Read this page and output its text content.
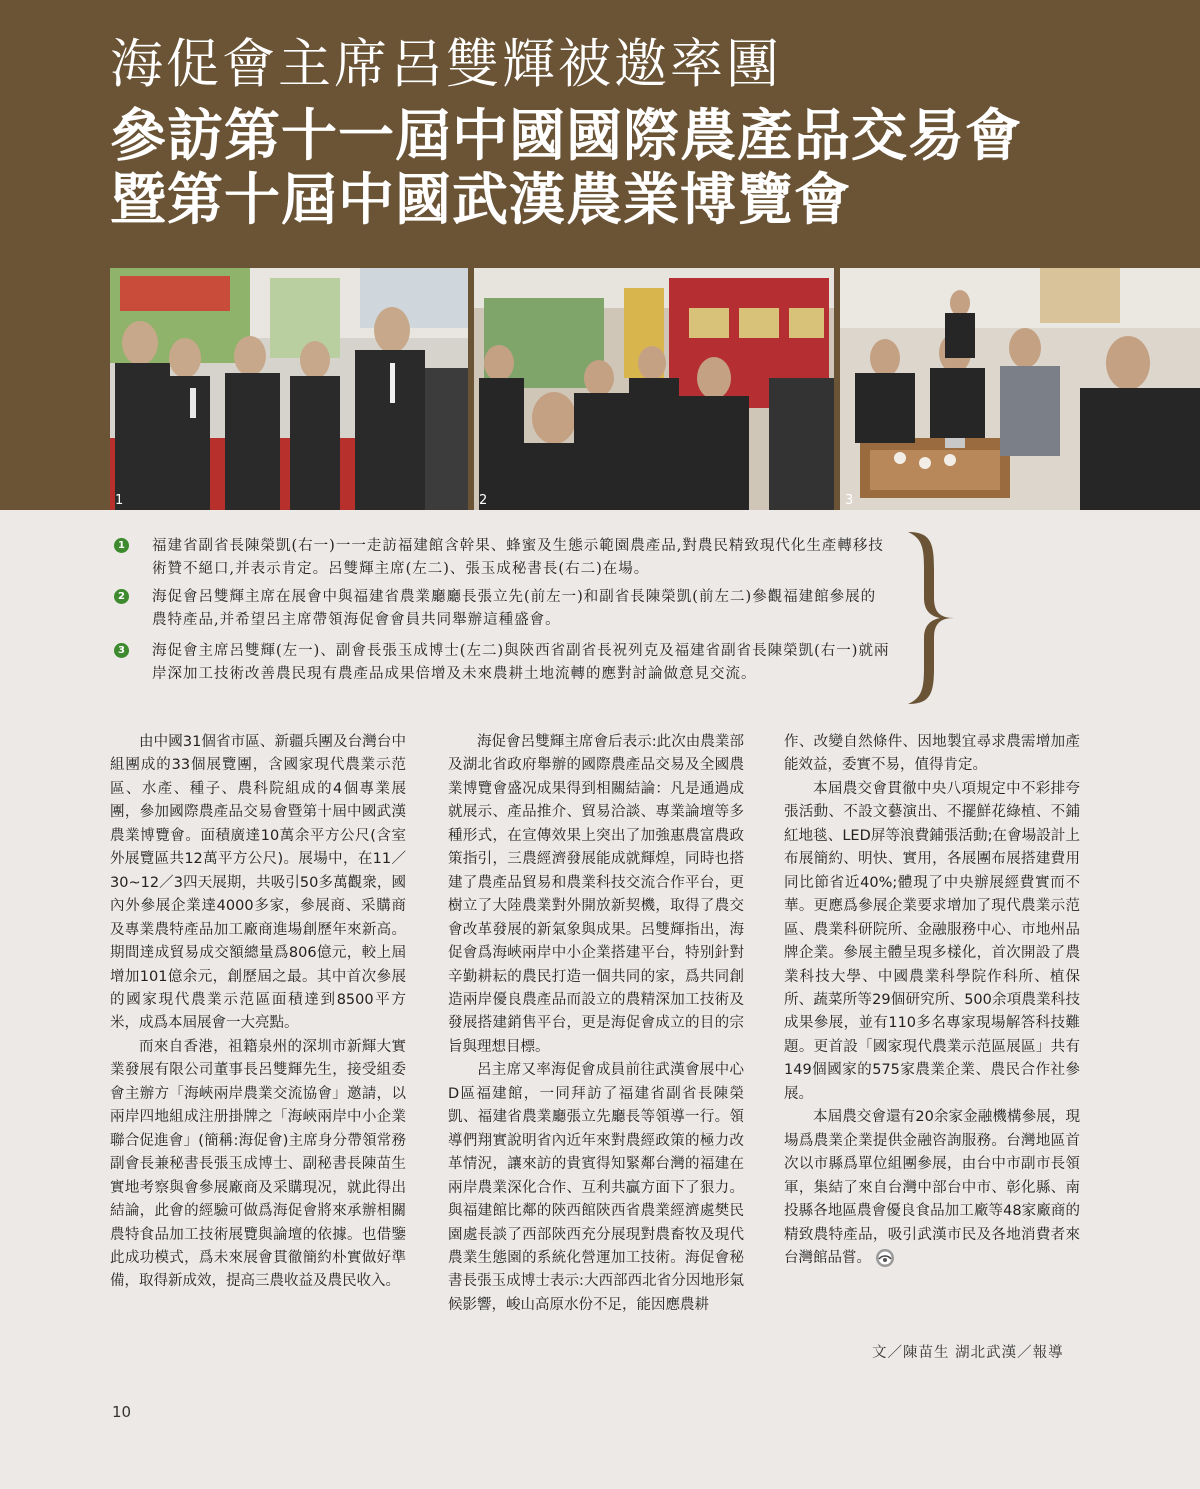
海促會主席呂雙輝被邀率團
參訪第十一屆中國國際農產品交易會
暨第十屆中國武漢農業博覽會
1	2	3
1 福建省副省長陳榮凱(右一)一一走訪福建館含幹果、蜂蜜及生態示範園農產品,對農民精致現代化生產轉移技術贊不絕口,并表示肯定。呂雙輝主席(左二)、張玉成秘書長(右二)在場。
2 海促會呂雙輝主席在展會中與福建省農業廳廳長張立先(前左一)和副省長陳榮凱(前左二)參觀福建館參展的農特產品,并希望呂主席帶領海促會會員共同舉辦這種盛會。
3 海促會主席呂雙輝(左一)、副會長張玉成博士(左二)與陝西省副省長祝列克及福建省副省長陳榮凱(右一)就兩岸深加工技術改善農民現有農產品成果倍增及未來農耕土地流轉的應對討論做意見交流。

由中國31個省市區、新疆兵團及台灣台中組團成的33個展覽團，含國家現代農業示范區、水產、種子、農科院組成的4個專業展團，參加國際農產品交易會暨第十屆中國武漢農業博覽會。面積廣達10萬余平方公尺(含室外展覽區共12萬平方公尺)。展場中，在11／30~12／3四天展期，共吸引50多萬觀衆，國內外參展企業達4000多家，參展商、采購商及專業農特產品加工廠商進場創歷年來新高。期間達成貿易成交額總量爲806億元，較上屆增加101億余元，創歷屆之最。其中首次參展的國家現代農業示范區面積達到8500平方米，成爲本屆展會一大亮點。

而來自香港，祖籍泉州的深圳市新輝大實業發展有限公司董事長呂雙輝先生，接受組委會主辦方「海峽兩岸農業交流協會」邀請，以兩岸四地組成注册掛牌之「海峽兩岸中小企業聯合促進會」(簡稱:海促會)主席身分帶領常務副會長兼秘書長張玉成博士、副秘書長陳苗生實地考察與會參展廠商及采購現况，就此得出結論，此會的經驗可做爲海促會將來承辦相關農特食品加工技術展覽與論壇的依據。也借鑒此成功模式，爲未來展會貫徹簡約朴實做好準備，取得新成效，提高三農收益及農民收入。

海促會呂雙輝主席會后表示:此次由農業部及湖北省政府舉辦的國際農產品交易及全國農業博覽會盛况成果得到相關結論：凡是通過成就展示、產品推介、貿易洽談、專業論壇等多種形式，在宣傳效果上突出了加強惠農富農政策指引，三農經濟發展能成就輝煌，同時也搭建了農產品貿易和農業科技交流合作平台，更樹立了大陸農業對外開放新契機，取得了農交會改革發展的新氣象與成果。呂雙輝指出，海促會爲海峽兩岸中小企業搭建平台，特别針對辛勤耕耘的農民打造一個共同的家，爲共同創造兩岸優良農產品而設立的農精深加工技術及發展搭建銷售平台，更是海促會成立的目的宗旨與理想目標。

呂主席又率海促會成員前往武漢會展中心D區福建館，一同拜訪了福建省副省長陳榮凱、福建省農業廳張立先廳長等領導一行。領導們翔實說明省內近年來對農經政策的極力改革情況，讓來訪的貴賓得知緊鄰台灣的福建在兩岸農業深化合作、互利共贏方面下了狠力。與福建館比鄰的陝西館陝西省農業經濟處樊民園處長談了西部陝西充分展現對農畜牧及現代農業生態園的系統化營運加工技術。海促會秘書長張玉成博士表示:大西部西北省分因地形氣候影響，峻山高原水份不足，能因應農耕

作、改變自然條件、因地製宜尋求農需增加產能效益，委實不易，值得肯定。

本屆農交會貫徹中央八項規定中不彩排夸張活動、不設文藝演出、不擺鮮花綠植、不鋪紅地毯、LED屏等浪費鋪張活動;在會場設計上布展簡約、明快、實用，各展團布展搭建費用同比節省近40%;體現了中央辦展經費實而不華。更應爲參展企業要求增加了現代農業示范區、農業科研院所、金融服務中心、市地州品牌企業。參展主體呈現多樣化，首次開設了農業科技大學、中國農業科學院作科所、植保所、蔬菜所等29個研究所、500余項農業科技成果參展，並有110多名專家現場解答科技難題。更首設「國家現代農業示范區展區」共有149個國家的575家農業企業、農民合作社參展。

本屆農交會還有20余家金融機構參展，現場爲農業企業提供金融咨詢服務。台灣地區首次以市縣爲單位組團參展，由台中市副市長領軍，集結了來自台灣中部台中市、彰化縣、南投縣各地區農會優良食品加工廠等48家廠商的精致農特產品，吸引武漢市民及各地消費者來台灣館品嘗。

文／陳苗生 湖北武漢／報導
10
